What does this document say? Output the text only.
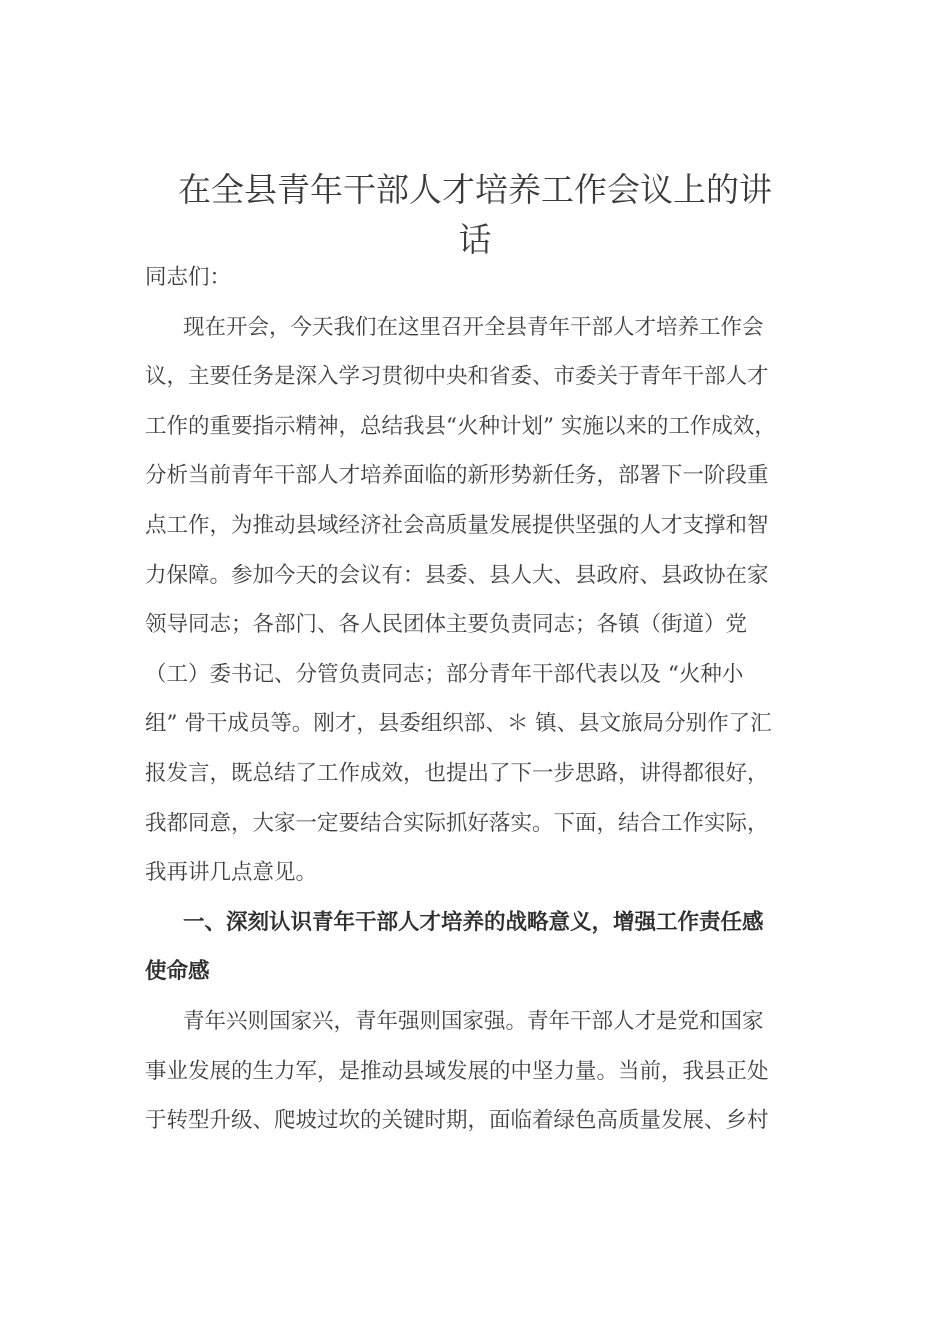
在全县青年干部人才培养工作会议上的讲
话
同志们：
现在开会，今天我们在这里召开全县青年干部人才培养工作会
议，主要任务是深入学习贯彻中央和省委、市委关于青年干部人才
工作的重要指示精神，总结我县“火种计划” 实施以来的工作成效，
分析当前青年干部人才培养面临的新形势新任务，部署下一阶段重
点工作，为推动县域经济社会高质量发展提供坚强的人才支撑和智
力保障。参加今天的会议有：县委、县人大、县政府、县政协在家
领导同志；各部门、各人民团体主要负责同志；各镇（街道）党
（工）委书记、分管负责同志；部分青年干部代表以及 “火种小
组” 骨干成员等。刚才，县委组织部、＊ 镇、县文旅局分别作了汇
报发言，既总结了工作成效，也提出了下一步思路，讲得都很好，
我都同意，大家一定要结合实际抓好落实。下面，结合工作实际，
我再讲几点意见。
一、深刻认识青年干部人才培养的战略意义，增强工作责任感
使命感
青年兴则国家兴，青年强则国家强。青年干部人才是党和国家
事业发展的生力军，是推动县域发展的中坚力量。当前，我县正处
于转型升级、爬坡过坎的关键时期，面临着绿色高质量发展、乡村
